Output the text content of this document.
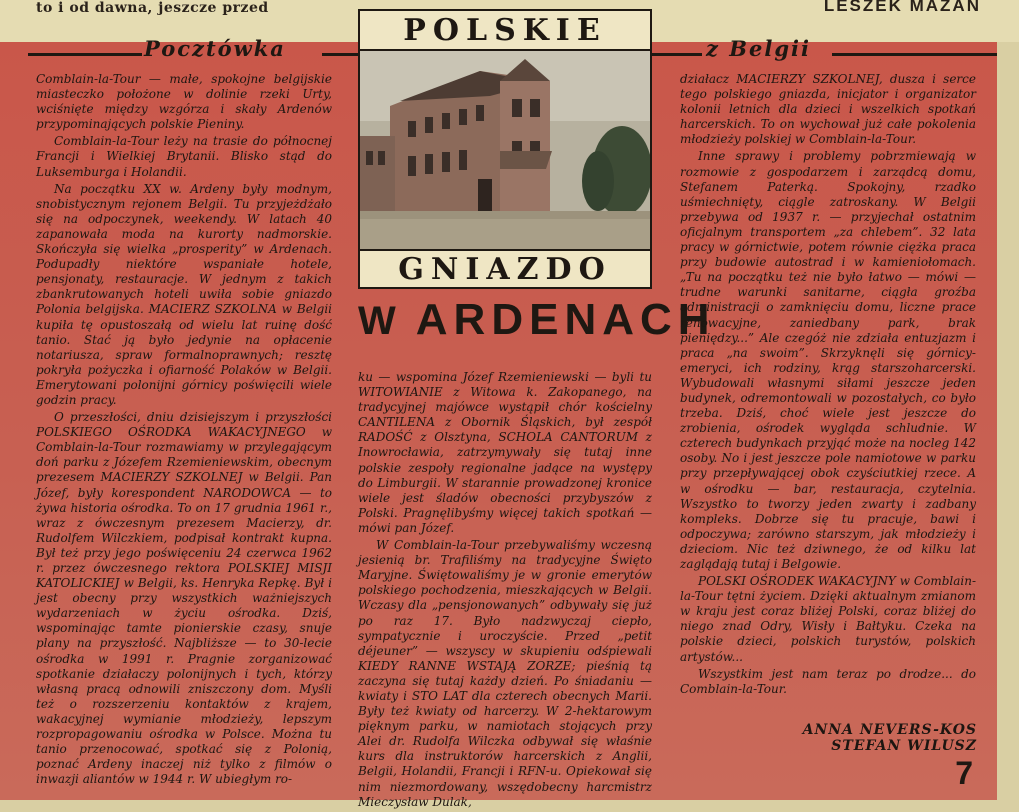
to i od dawna, jeszcze przed	LESZEK MAZAN
Pocztówka	z Belgii
POLSKIE
GNIAZDO
W ARDENACH

Comblain-la-Tour — małe, spokojne belgijskie miasteczko położone w dolinie rzeki Urty, wciśnięte między wzgórza i skały Ardenów przypominających polskie Pieniny.

Comblain-la-Tour leży na trasie do północnej Francji i Wielkiej Brytanii. Blisko stąd do Luksemburga i Holandii.

Na początku XX w. Ardeny były modnym, snobistycznym rejonem Belgii. Tu przyjeżdżało się na odpoczynek, weekendy. W latach 40 zapanowała moda na kurorty nadmorskie. Skończyła się wielka „prosperity” w Ardenach. Podupadły niektóre wspaniałe hotele, pensjonaty, restauracje. W jednym z takich zbankrutowanych hoteli uwiła sobie gniazdo Polonia belgijska. MACIERZ SZKOLNA w Belgii kupiła tę opustoszałą od wielu lat ruinę dość tanio. Stać ją było jedynie na opłacenie notariusza, spraw formalnoprawnych; resztę pokryła pożyczka i ofiarność Polaków w Belgii. Emerytowani polonijni górnicy poświęcili wiele godzin pracy.

O przeszłości, dniu dzisiejszym i przyszłości POLSKIEGO OŚRODKA WAKACYJNEGO w Comblain-la-Tour rozmawiamy w przylegającym doń parku z Józefem Rzemieniewskim, obecnym prezesem MACIERZY SZKOLNEJ w Belgii. Pan Józef, były korespondent NARODOWCA — to żywa historia ośrodka. To on 17 grudnia 1961 r., wraz z ówczesnym prezesem Macierzy, dr. Rudolfem Wilczkiem, podpisał kontrakt kupna. Był też przy jego poświęceniu 24 czerwca 1962 r. przez ówczesnego rektora POLSKIEJ MISJI KATOLICKIEJ w Belgii, ks. Henryka Repkę. Był i jest obecny przy wszystkich ważniejszych wydarzeniach w życiu ośrodka. Dziś, wspominając tamte pionierskie czasy, snuje plany na przyszłość. Najbliższe — to 30-lecie ośrodka w 1991 r. Pragnie zorganizować spotkanie działaczy polonijnych i tych, którzy własną pracą odnowili zniszczony dom. Myśli też o rozszerzeniu kontaktów z krajem, wakacyjnej wymianie młodzieży, lepszym rozpropagowaniu ośrodka w Polsce. Można tu tanio przenocować, spotkać się z Polonią, poznać Ardeny inaczej niż tylko z filmów o inwazji aliantów w 1944 r. W ubiegłym ro-

ku — wspomina Józef Rzemieniewski — byli tu WITOWIANIE z Witowa k. Zakopanego, na tradycyjnej majówce wystąpił chór kościelny CANTILENA z Obornik Śląskich, był zespół RADOŚĆ z Olsztyna, SCHOLA CANTORUM z Inowrocławia, zatrzymywały się tutaj inne polskie zespoły regionalne jadące na występy do Limburgii. W starannie prowadzonej kronice wiele jest śladów obecności przybyszów z Polski. Pragnęlibyśmy więcej takich spotkań — mówi pan Józef.

W Comblain-la-Tour przebywaliśmy wczesną jesienią br. Trafiliśmy na tradycyjne Święto Maryjne. Świętowaliśmy je w gronie emerytów polskiego pochodzenia, mieszkających w Belgii. Wczasy dla „pensjonowanych” odbywały się już po raz 17. Było nadzwyczaj ciepło, sympatycznie i uroczyście. Przed „petit déjeuner” — wszyscy w skupieniu odśpiewali KIEDY RANNE WSTAJĄ ZORZE; pieśnią tą zaczyna się tutaj każdy dzień. Po śniadaniu — kwiaty i STO LAT dla czterech obecnych Marii. Były też kwiaty od harcerzy. W 2-hektarowym pięknym parku, w namiotach stojących przy Alei dr. Rudolfa Wilczka odbywał się właśnie kurs dla instruktorów harcerskich z Anglii, Belgii, Holandii, Francji i RFN-u. Opiekował się nim niezmordowany, wszędobecny harcmistrz Mieczysław Dulak,

działacz MACIERZY SZKOLNEJ, dusza i serce tego polskiego gniazda, inicjator i organizator kolonii letnich dla dzieci i wszelkich spotkań harcerskich. To on wychował już całe pokolenia młodzieży polskiej w Comblain-la-Tour.

Inne sprawy i problemy pobrzmiewają w rozmowie z gospodarzem i zarządcą domu, Stefanem Paterką. Spokojny, rzadko uśmiechnięty, ciągle zatroskany. W Belgii przebywa od 1937 r. — przyjechał ostatnim oficjalnym transportem „za chlebem”. 32 lata pracy w górnictwie, potem równie ciężka praca przy budowie autostrad i w kamieniołomach. „Tu na początku też nie było łatwo — mówi — trudne warunki sanitarne, ciągła groźba administracji o zamknięciu domu, liczne prace renowacyjne, zaniedbany park, brak pieniędzy...” Ale czegóż nie zdziała entuzjazm i praca „na swoim”. Skrzyknęli się górnicy-emeryci, ich rodziny, krąg starszoharcerski. Wybudowali własnymi siłami jeszcze jeden budynek, odremontowali w pozostałych, co było trzeba. Dziś, choć wiele jest jeszcze do zrobienia, ośrodek wygląda schludnie. W czterech budynkach przyjąć może na nocleg 142 osoby. No i jest jeszcze pole namiotowe w parku przy przepływającej obok czyściutkiej rzece. A w ośrodku — bar, restauracja, czytelnia. Wszystko to tworzy jeden zwarty i zadbany kompleks. Dobrze się tu pracuje, bawi i odpoczywa; zarówno starszym, jak młodzieży i dzieciom. Nic też dziwnego, że od kilku lat zaglądają tutaj i Belgowie.

POLSKI OŚRODEK WAKACYJNY w Comblain-la-Tour tętni życiem. Dzięki aktualnym zmianom w kraju jest coraz bliżej Polski, coraz bliżej do niego znad Odry, Wisły i Bałtyku. Czeka na polskie dzieci, polskich turystów, polskich artystów...

Wszystkim jest nam teraz po drodze... do Comblain-la-Tour.

ANNA NEVERS-KOS
STEFAN WILUSZ
7
